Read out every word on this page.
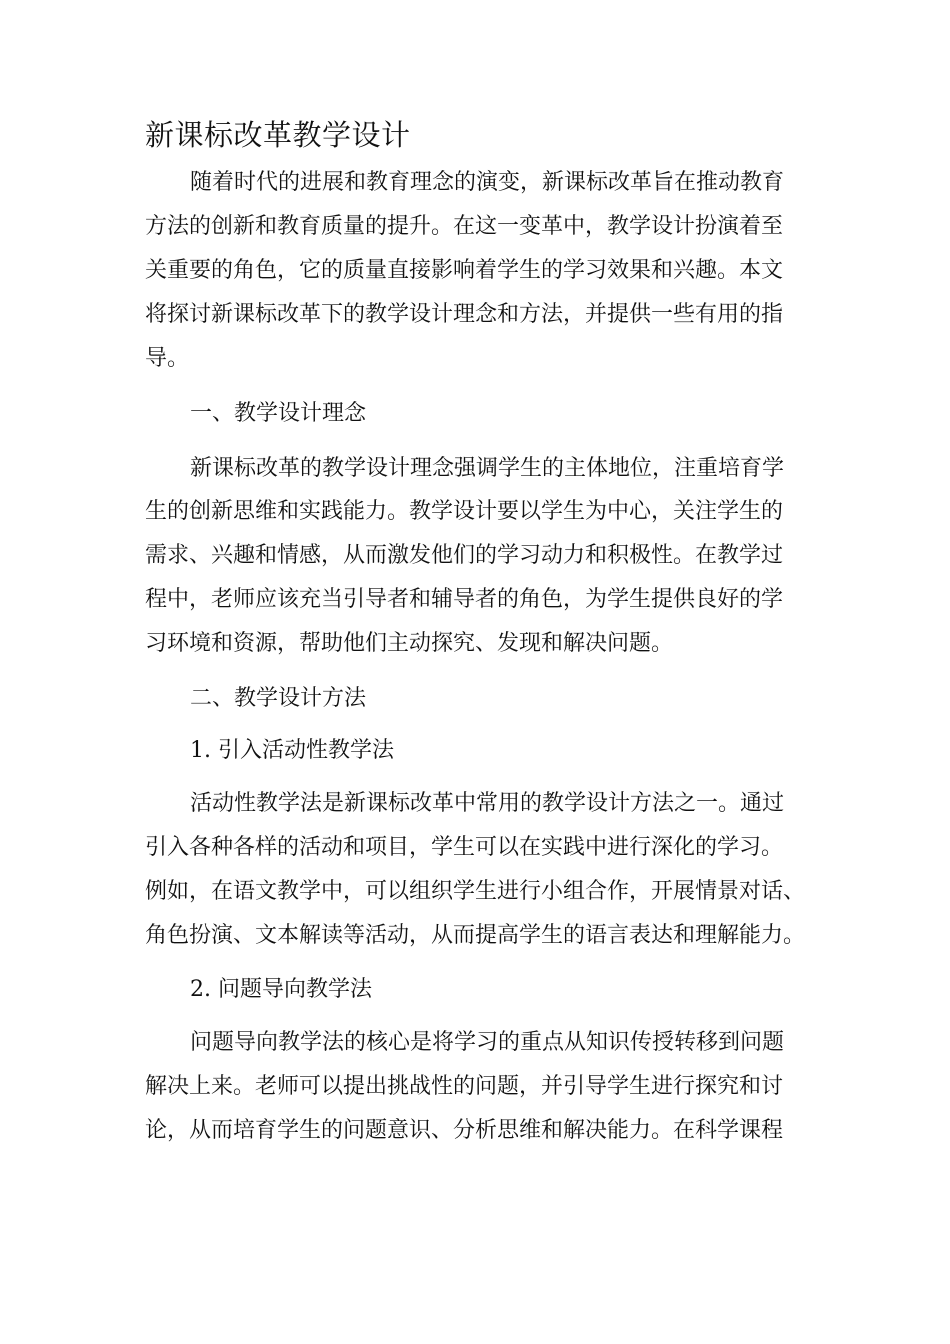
新课标改革教学设计

随着时代的进展和教育理念的演变，新课标改革旨在推动教育

方法的创新和教育质量的提升。在这一变革中，教学设计扮演着至

关重要的角色，它的质量直接影响着学生的学习效果和兴趣。本文

将探讨新课标改革下的教学设计理念和方法，并提供一些有用的指

导。

一、教学设计理念

新课标改革的教学设计理念强调学生的主体地位，注重培育学

生的创新思维和实践能力。教学设计要以学生为中心，关注学生的

需求、兴趣和情感，从而激发他们的学习动力和积极性。在教学过

程中，老师应该充当引导者和辅导者的角色，为学生提供良好的学

习环境和资源，帮助他们主动探究、发现和解决问题。

二、教学设计方法

1. 引入活动性教学法

活动性教学法是新课标改革中常用的教学设计方法之一。通过

引入各种各样的活动和项目，学生可以在实践中进行深化的学习。

例如，在语文教学中，可以组织学生进行小组合作，开展情景对话、

角色扮演、文本解读等活动，从而提高学生的语言表达和理解能力。

2. 问题导向教学法

问题导向教学法的核心是将学习的重点从知识传授转移到问题

解决上来。老师可以提出挑战性的问题，并引导学生进行探究和讨

论，从而培育学生的问题意识、分析思维和解决能力。在科学课程
